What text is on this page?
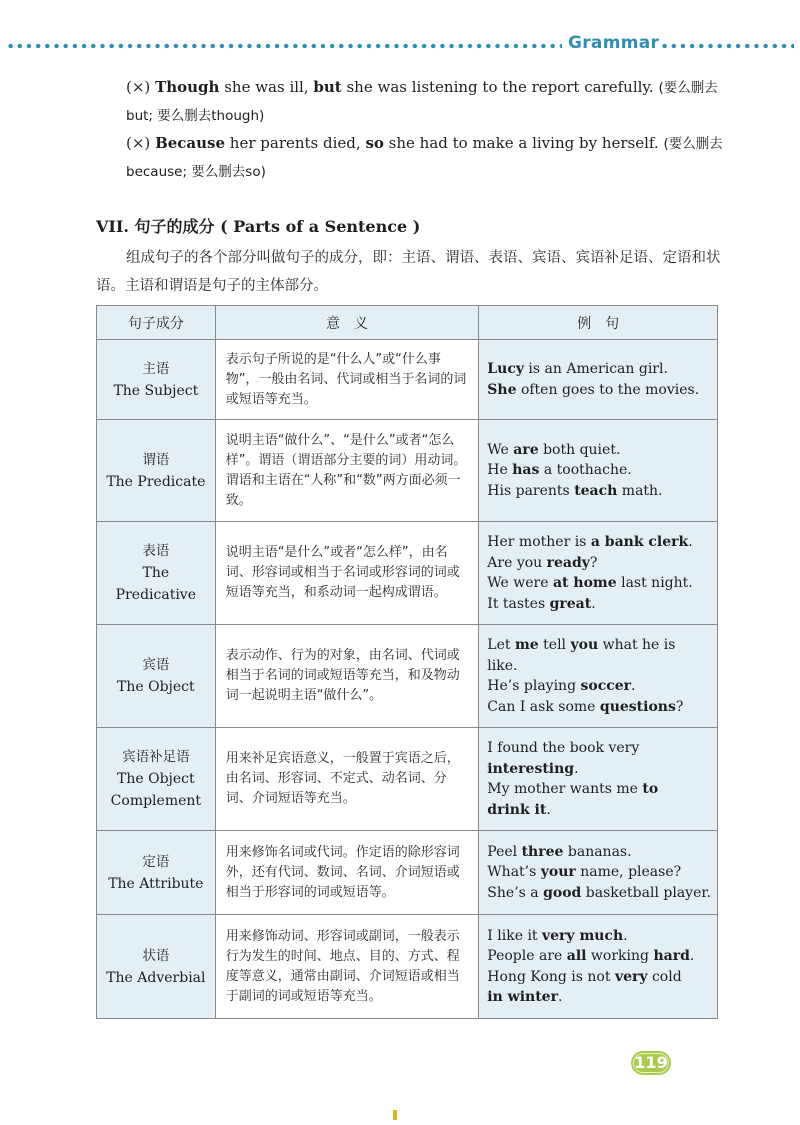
Grammar

(×) Though she was ill, but she was listening to the report carefully. (要么删去but; 要么删去though)

(×) Because her parents died, so she had to make a living by herself. (要么删去because; 要么删去so)

VII. 句子的成分 ( Parts of a Sentence )
组成句子的各个部分叫做句子的成分，即：主语、谓语、表语、宾语、宾语补足语、定语和状语。主语和谓语是句子的主体部分。
句子成分	意　义	例　句

主语
The Subject	表示句子所说的是“什么人”或“什么事物”，一般由名词、代词或相当于名词的词或短语等充当。	Lucy is an American girl.
She often goes to the movies.

谓语
The Predicate	说明主语“做什么”、“是什么”或者“怎么样”。谓语（谓语部分主要的词）用动词。谓语和主语在“人称”和“数”两方面必须一致。	We are both quiet.
He has a toothache.
His parents teach math.

表语
The Predicative	说明主语“是什么”或者“怎么样”，由名词、形容词或相当于名词或形容词的词或短语等充当，和系动词一起构成谓语。	Her mother is a bank clerk.
Are you ready?
We were at home last night.
It tastes great.

宾语
The Object	表示动作、行为的对象，由名词、代词或相当于名词的词或短语等充当，和及物动词一起说明主语“做什么”。	Let me tell you what he is
like.
He’s playing soccer.
Can I ask some questions?

宾语补足语
The Object Complement	用来补足宾语意义，一般置于宾语之后，由名词、形容词、不定式、动名词、分词、介词短语等充当。	I found the book very
interesting.
My mother wants me to
drink it.

定语
The Attribute	用来修饰名词或代词。作定语的除形容词外，还有代词、数词、名词、介词短语或相当于形容词的词或短语等。	Peel three bananas.
What’s your name, please?
She’s a good basketball player.

状语
The Adverbial	用来修饰动词、形容词或副词，一般表示行为发生的时间、地点、目的、方式、程度等意义，通常由副词、介词短语或相当于副词的词或短语等充当。	I like it very much.
People are all working hard.
Hong Kong is not very cold
in winter.
119
